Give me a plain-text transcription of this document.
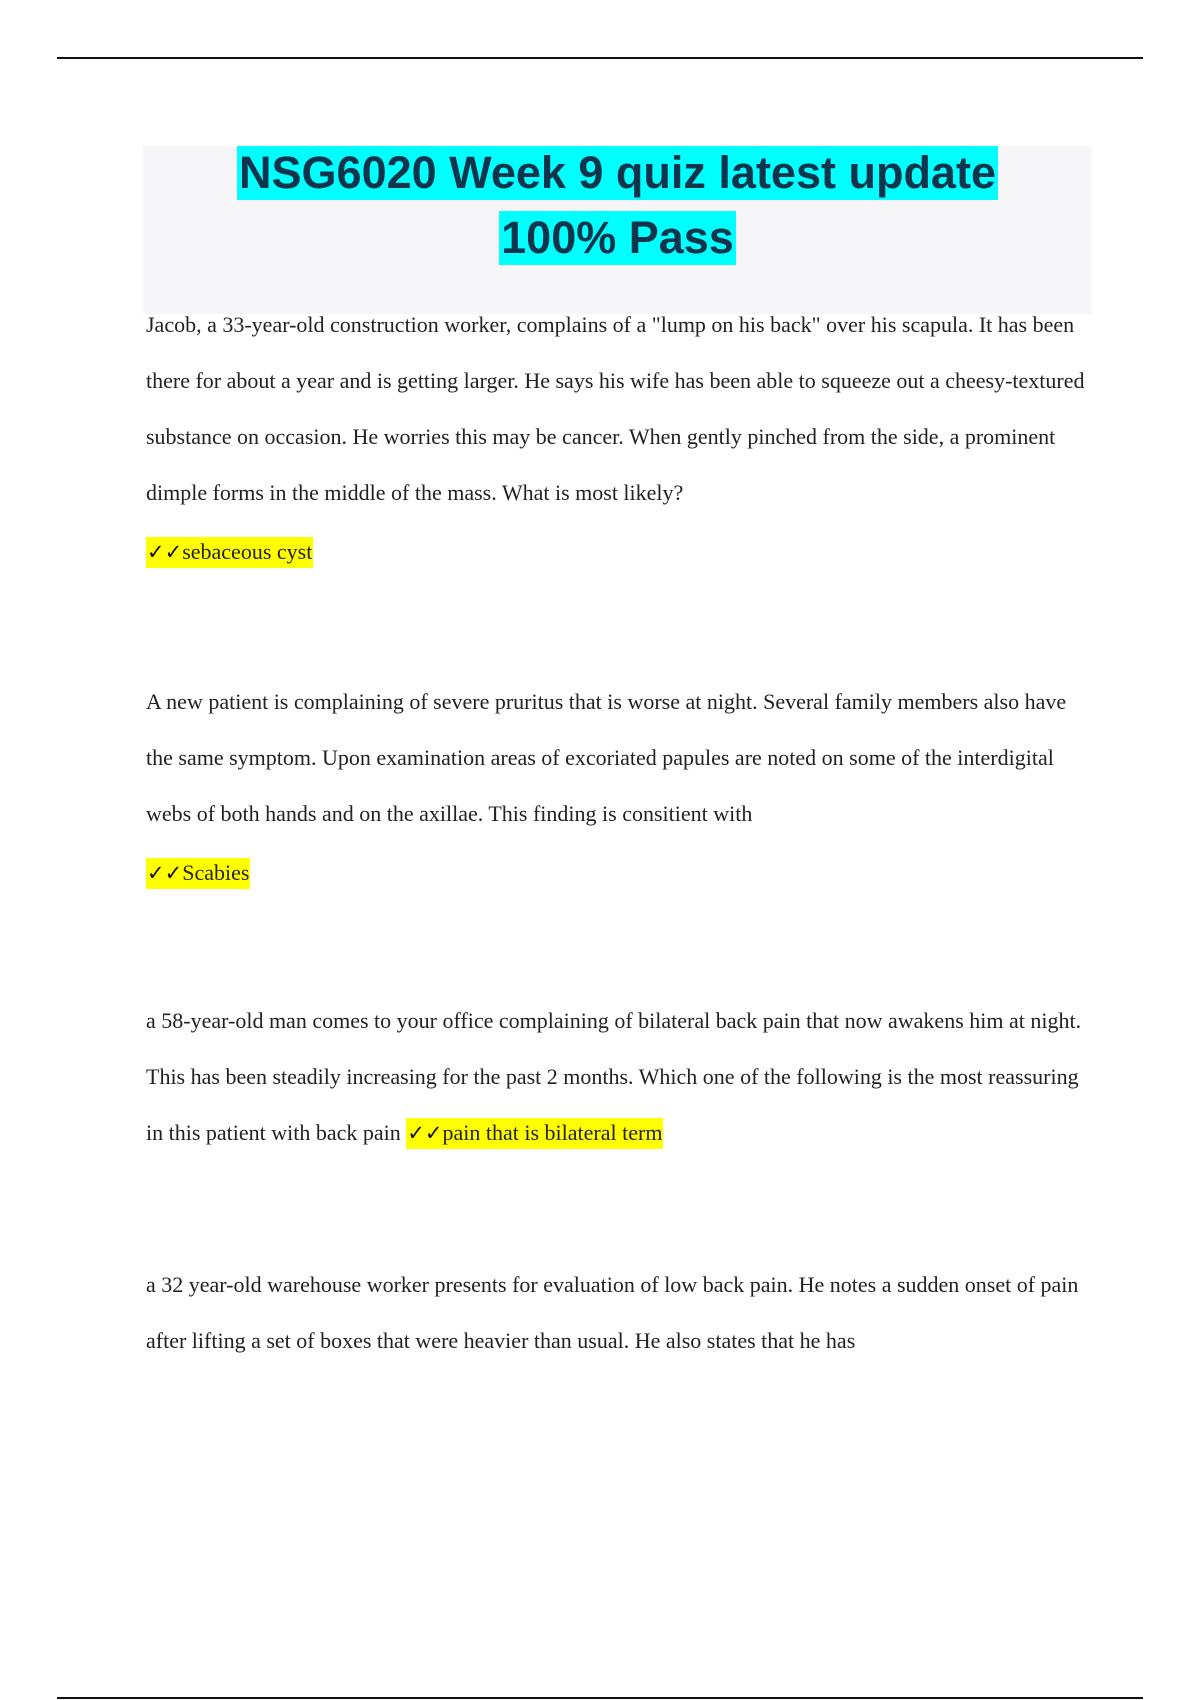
NSG6020 Week 9 quiz latest update
100% Pass

Jacob, a 33-year-old construction worker, complains of a "lump on his back" over his scapula. It has been there for about a year and is getting larger. He says his wife has been able to squeeze out a cheesy-textured substance on occasion. He worries this may be cancer. When gently pinched from the side, a prominent dimple forms in the middle of the mass. What is most likely?

✓✓sebaceous cyst

A new patient is complaining of severe pruritus that is worse at night. Several family members also have the same symptom. Upon examination areas of excoriated papules are noted on some of the interdigital webs of both hands and on the axillae. This finding is consitient with

✓✓Scabies

a 58-year-old man comes to your office complaining of bilateral back pain that now awakens him at night. This has been steadily increasing for the past 2 months. Which one of the following is the most reassuring in this patient with back pain ✓✓pain that is bilateral term

a 32 year-old warehouse worker presents for evaluation of low back pain. He notes a sudden onset of pain after lifting a set of boxes that were heavier than usual. He also states that he has
